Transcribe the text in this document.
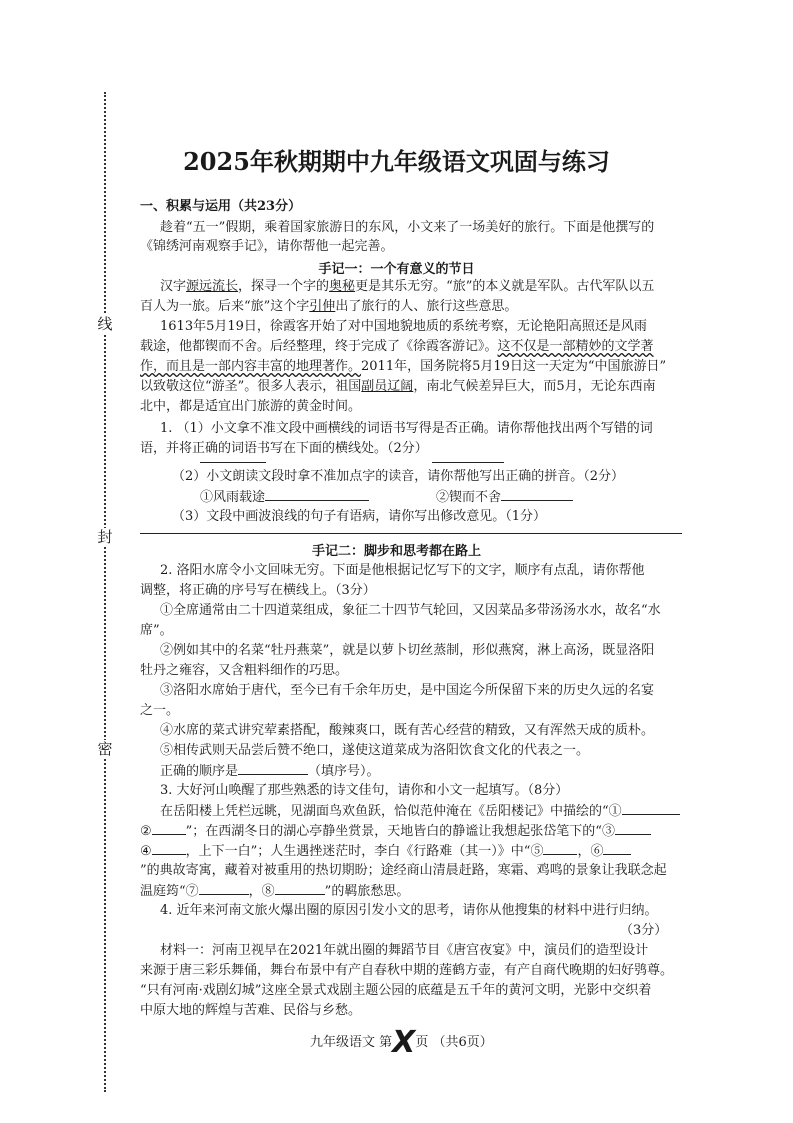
线
封
密
2025年秋期期中九年级语文巩固与练习
一、积累与运用（共23分）
趁着“五一”假期，乘着国家旅游日的东风，小文来了一场美好的旅行。下面是他撰写的
《锦绣河南观察手记》，请你帮他一起完善。
手记一：一个有意义的节日
汉字源远流长，探寻一个字的奥秘更是其乐无穷。“旅”的本义就是军队。古代军队以五
百人为一旅。后来“旅”这个字引伸出了旅行的人、旅行这些意思。
1613年5月19日，徐霞客开始了对中国地貌地质的系统考察，无论艳阳高照还是风雨
载途，他都锲而不舍。后经整理，终于完成了《徐霞客游记》。这不仅是一部精妙的文学著
作，而且是一部内容丰富的地理著作。2011年，国务院将5月19日这一天定为“中国旅游日”
以致敬这位“游圣”。很多人表示，祖国副员辽阔，南北气候差异巨大，而5月，无论东西南
北中，都是适宜出门旅游的黄金时间。
1. （1）小文拿不准文段中画横线的词语书写得是否正确。请你帮他找出两个写错的词
语，并将正确的词语书写在下面的横线处。（2分）
（2）小文朗读文段时拿不准加点字的读音，请你帮他写出正确的拼音。（2分）
①风雨载途	②锲而不舍
（3）文段中画波浪线的句子有语病，请你写出修改意见。（1分）
手记二：脚步和思考都在路上
2. 洛阳水席令小文回味无穷。下面是他根据记忆写下的文字，顺序有点乱，请你帮他
调整，将正确的序号写在横线上。（3分）
①全席通常由二十四道菜组成，象征二十四节气轮回，又因菜品多带汤汤水水，故名“水
席”。
②例如其中的名菜“牡丹燕菜”，就是以萝卜切丝蒸制，形似燕窝，淋上高汤，既显洛阳
牡丹之雍容，又含粗料细作的巧思。
③洛阳水席始于唐代，至今已有千余年历史，是中国迄今所保留下来的历史久远的名宴
之一。
④水席的菜式讲究荤素搭配，酸辣爽口，既有苦心经营的精致，又有浑然天成的质朴。
⑤相传武则天品尝后赞不绝口，遂使这道菜成为洛阳饮食文化的代表之一。
正确的顺序是	（填序号）。
3. 大好河山唤醒了那些熟悉的诗文佳句，请你和小文一起填写。（8分）
在岳阳楼上凭栏远眺，见湖面鸟欢鱼跃，恰似范仲淹在《岳阳楼记》中描绘的“①
②	”；在西湖冬日的湖心亭静坐赏景，天地皆白的静谧让我想起张岱笔下的“③
④	，上下一白”；人生遇挫迷茫时，李白《行路难（其一）》中“⑤	，⑥
”的典故寄寓，藏着对被重用的热切期盼；途经商山清晨赶路，寒霜、鸡鸣的景象让我联念起
温庭筠“⑦	，⑧	”的羁旅愁思。
4. 近年来河南文旅火爆出圈的原因引发小文的思考，请你从他搜集的材料中进行归纳。
（3分）
材料一：河南卫视早在2021年就出圈的舞蹈节目《唐宫夜宴》中，演员们的造型设计
来源于唐三彩乐舞俑，舞台布景中有产自春秋中期的莲鹤方壶，有产自商代晚期的妇好鸮尊。
“只有河南·戏剧幻城”这座全景式戏剧主题公园的底蕴是五千年的黄河文明，光影中交织着
中原大地的辉煌与苦难、民俗与乡愁。
九年级语文 第X页 （共6页）
